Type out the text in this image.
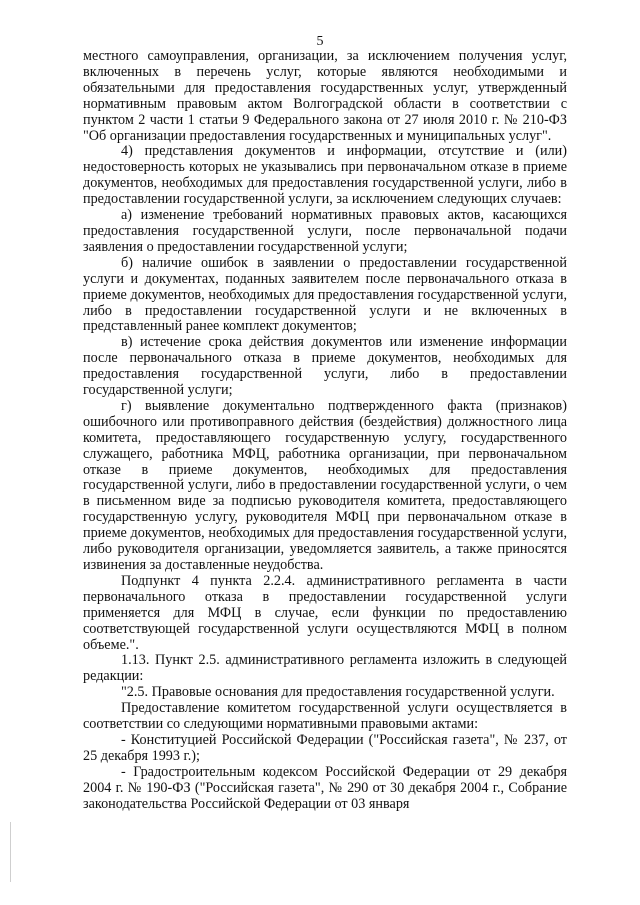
5

местного самоуправления, организации, за исключением получения услуг, включенных в перечень услуг, которые являются необходимыми и обязательными для предоставления государственных услуг, утвержденный нормативным правовым актом Волгоградской области в соответствии с пунктом 2 части 1 статьи 9 Федерального закона от 27 июля 2010 г. № 210-ФЗ "Об организации предоставления государственных и муниципальных услуг".

4) представления документов и информации, отсутствие и (или) недостоверность которых не указывались при первоначальном отказе в приеме документов, необходимых для предоставления государственной услуги, либо в предоставлении государственной услуги, за исключением следующих случаев:

а) изменение требований нормативных правовых актов, касающихся предоставления государственной услуги, после первоначальной подачи заявления о предоставлении государственной услуги;

б) наличие ошибок в заявлении о предоставлении государственной услуги и документах, поданных заявителем после первоначального отказа в приеме документов, необходимых для предоставления государственной услуги, либо в предоставлении государственной услуги и не включенных в представленный ранее комплект документов;

в) истечение срока действия документов или изменение информации после первоначального отказа в приеме документов, необходимых для предоставления государственной услуги, либо в предоставлении государственной услуги;

г) выявление документально подтвержденного факта (признаков) ошибочного или противоправного действия (бездействия) должностного лица комитета, предоставляющего государственную услугу, государственного служащего, работника МФЦ, работника организации, при первоначальном отказе в приеме документов, необходимых для предоставления государственной услуги, либо в предоставлении государственной услуги, о чем в письменном виде за подписью руководителя комитета, предоставляющего государственную услугу, руководителя МФЦ при первоначальном отказе в приеме документов, необходимых для предоставления государственной услуги, либо руководителя организации, уведомляется заявитель, а также приносятся извинения за доставленные неудобства.

Подпункт 4 пункта 2.2.4. административного регламента в части первоначального отказа в предоставлении государственной услуги применяется для МФЦ в случае, если функции по предоставлению соответствующей государственной услуги осуществляются МФЦ в полном объеме.".

1.13. Пункт 2.5. административного регламента изложить в следующей редакции:

"2.5. Правовые основания для предоставления государственной услуги.

Предоставление комитетом государственной услуги осуществляется в соответствии со следующими нормативными правовыми актами:

- Конституцией Российской Федерации ("Российская газета", № 237, от 25 декабря 1993 г.);

- Градостроительным кодексом Российской Федерации от 29 декабря 2004 г. № 190-ФЗ ("Российская газета", № 290 от 30 декабря 2004 г., Собрание законодательства Российской Федерации от 03 января
